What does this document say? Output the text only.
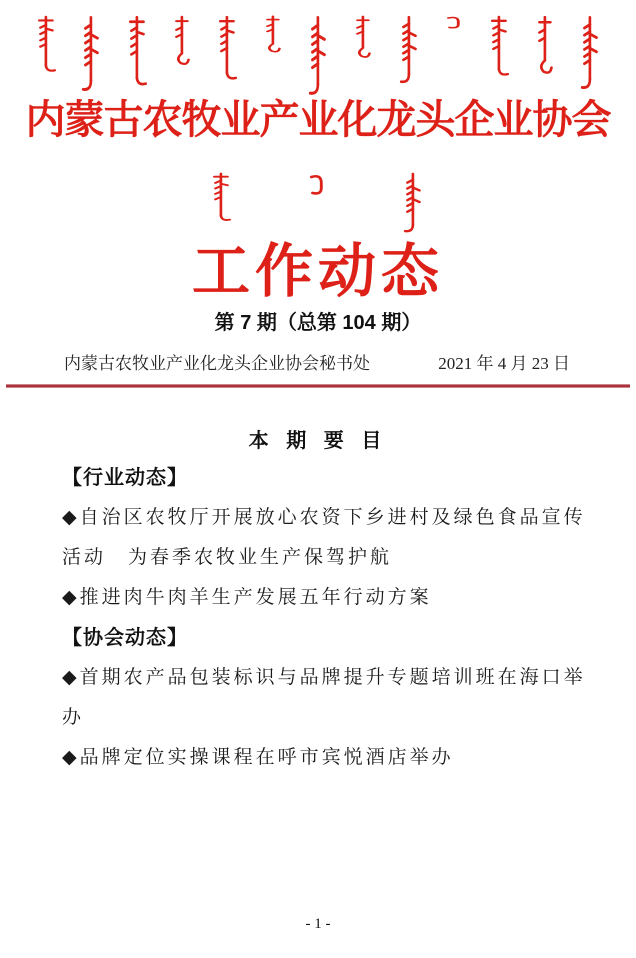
内蒙古农牧业产业化龙头企业协会
工作动态
第 7 期（总第 104 期）
内蒙古农牧业产业化龙头企业协会秘书处	2021 年 4 月 23 日
本 期 要 目
【行业动态】
◆自治区农牧厅开展放心农资下乡进村及绿色食品宣传
活动　为春季农牧业生产保驾护航
◆推进肉牛肉羊生产发展五年行动方案
【协会动态】
◆首期农产品包装标识与品牌提升专题培训班在海口举
办
◆品牌定位实操课程在呼市宾悦酒店举办
- 1 -
